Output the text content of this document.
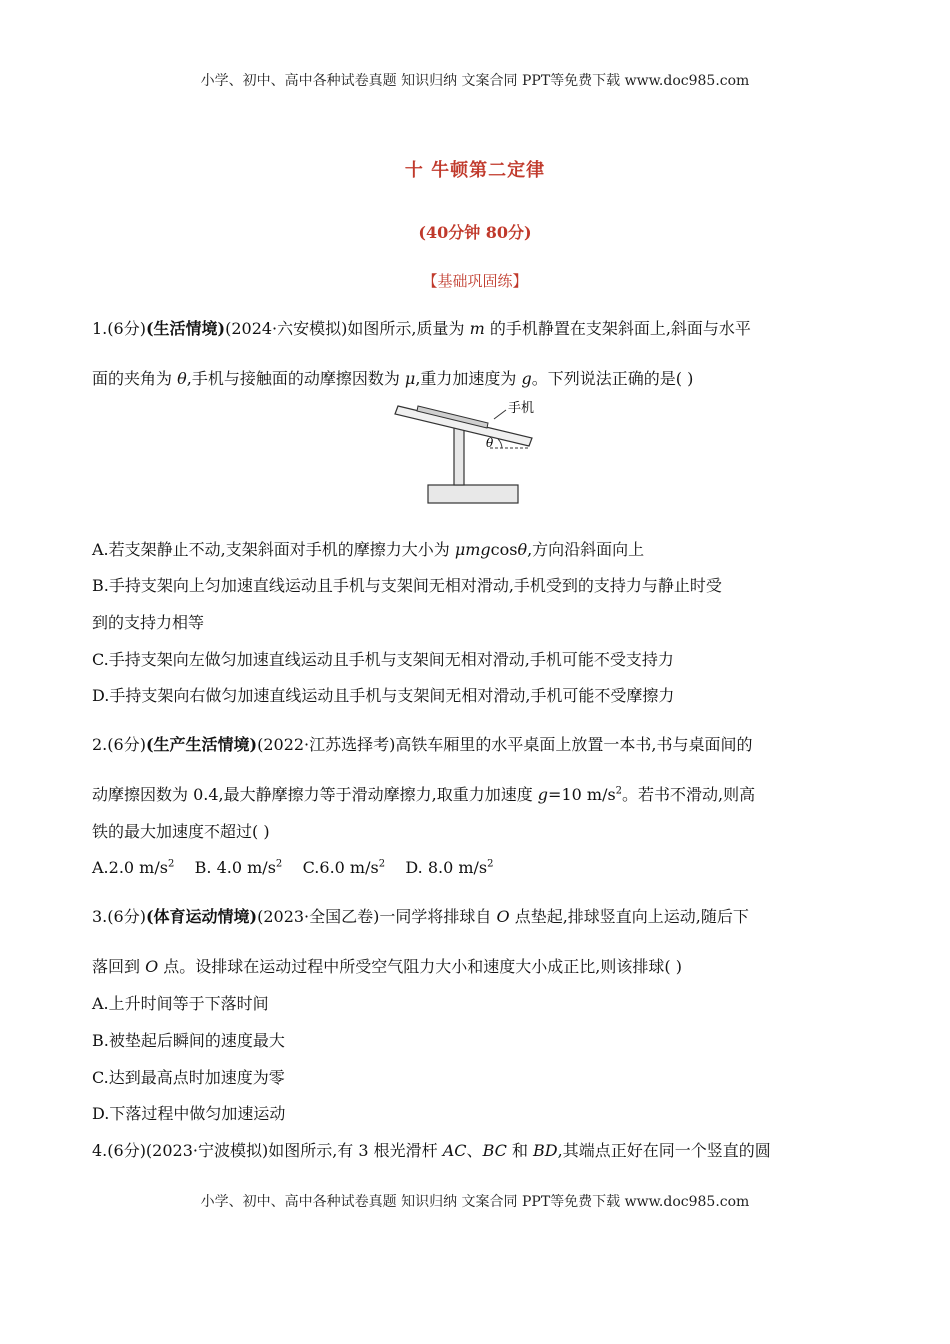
小学、初中、高中各种试卷真题 知识归纳 文案合同 PPT等免费下载 www.doc985.com
十 牛顿第二定律
(40分钟 80分)
【基础巩固练】
1.(6分)(生活情境)(2024·六安模拟)如图所示,质量为 m 的手机静置在支架斜面上,斜面与水平
面的夹角为 θ,手机与接触面的动摩擦因数为 μ,重力加速度为 g。下列说法正确的是( )
θ
手机
A.若支架静止不动,支架斜面对手机的摩擦力大小为 μmgcosθ,方向沿斜面向上
B.手持支架向上匀加速直线运动且手机与支架间无相对滑动,手机受到的支持力与静止时受
到的支持力相等
C.手持支架向左做匀加速直线运动且手机与支架间无相对滑动,手机可能不受支持力
D.手持支架向右做匀加速直线运动且手机与支架间无相对滑动,手机可能不受摩擦力
2.(6分)(生产生活情境)(2022·江苏选择考)高铁车厢里的水平桌面上放置一本书,书与桌面间的
动摩擦因数为 0.4,最大静摩擦力等于滑动摩擦力,取重力加速度 g=10 $m/s^2$。若书不滑动,则高
铁的最大加速度不超过( )
A.2.0 $m/s^2$ B. 4.0 $m/s^2$ C.6.0 $m/s^2$ D. 8.0 $m/s^2$
3.(6分)(体育运动情境)(2023·全国乙卷)一同学将排球自 O 点垫起,排球竖直向上运动,随后下
落回到 O 点。设排球在运动过程中所受空气阻力大小和速度大小成正比,则该排球( )
A.上升时间等于下落时间
B.被垫起后瞬间的速度最大
C.达到最高点时加速度为零
D.下落过程中做匀加速运动
4.(6分)(2023·宁波模拟)如图所示,有 3 根光滑杆 AC、BC 和 BD,其端点正好在同一个竖直的圆
小学、初中、高中各种试卷真题 知识归纳 文案合同 PPT等免费下载 www.doc985.com
